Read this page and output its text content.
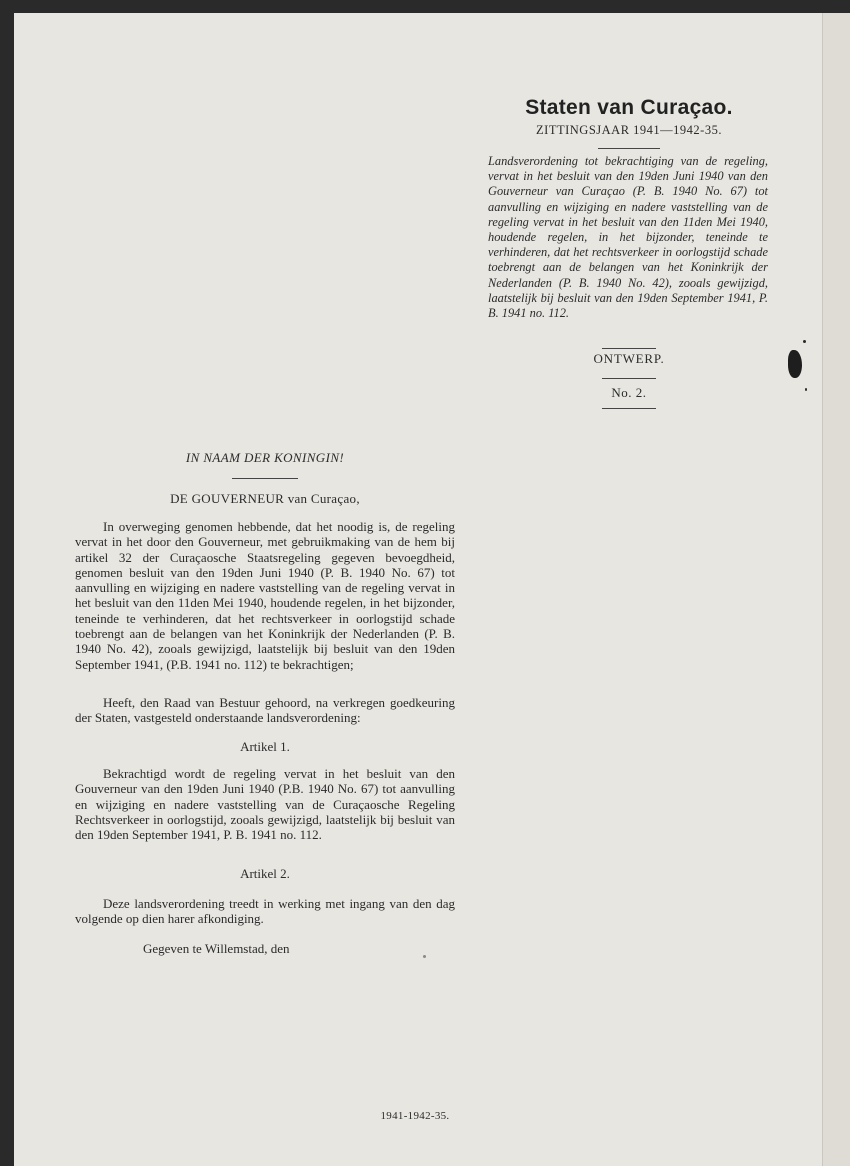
Staten van Curaçao.
ZITTINGSJAAR 1941—1942-35.
Landsverordening tot bekrachtiging van de regeling, vervat in het besluit van den 19den Juni 1940 van den Gouverneur van Curaçao (P. B. 1940 No. 67) tot aanvulling en wijziging en nadere vaststelling van de regeling vervat in het besluit van den 11den Mei 1940, houdende regelen, in het bijzonder, teneinde te verhinderen, dat het rechtsverkeer in oorlogstijd schade toebrengt aan de belangen van het Koninkrijk der Nederlanden (P. B. 1940 No. 42), zooals gewijzigd, laatstelijk bij besluit van den 19den September 1941, P. B. 1941 no. 112.
ONTWERP.
No. 2.
IN NAAM DER KONINGIN!
DE GOUVERNEUR van Curaçao,
In overweging genomen hebbende, dat het noodig is, de regeling vervat in het door den Gouverneur, met gebruikmaking van de hem bij artikel 32 der Curaçaosche Staatsregeling gegeven bevoegdheid, genomen besluit van den 19den Juni 1940 (P. B. 1940 No. 67) tot aanvulling en wijziging en nadere vaststelling van de regeling vervat in het besluit van den 11den Mei 1940, houdende regelen, in het bijzonder, teneinde te verhinderen, dat het rechtsverkeer in oorlogstijd schade toebrengt aan de belangen van het Koninkrijk der Nederlanden (P. B. 1940 No. 42), zooals gewijzigd, laatstelijk bij besluit van den 19den September 1941, (P.B. 1941 no. 112) te bekrachtigen;
Heeft, den Raad van Bestuur gehoord, na verkregen goedkeuring der Staten, vastgesteld onderstaande landsverordening:
Artikel 1.
Bekrachtigd wordt de regeling vervat in het besluit van den Gouverneur van den 19den Juni 1940 (P.B. 1940 No. 67) tot aanvulling en wijziging en nadere vaststelling van de Curaçaosche Regeling Rechtsverkeer in oorlogstijd, zooals gewijzigd, laatstelijk bij besluit van den 19den September 1941, P. B. 1941 no. 112.
Artikel 2.
Deze landsverordening treedt in werking met ingang van den dag volgende op dien harer afkondiging.
Gegeven te Willemstad, den
1941-1942-35.
